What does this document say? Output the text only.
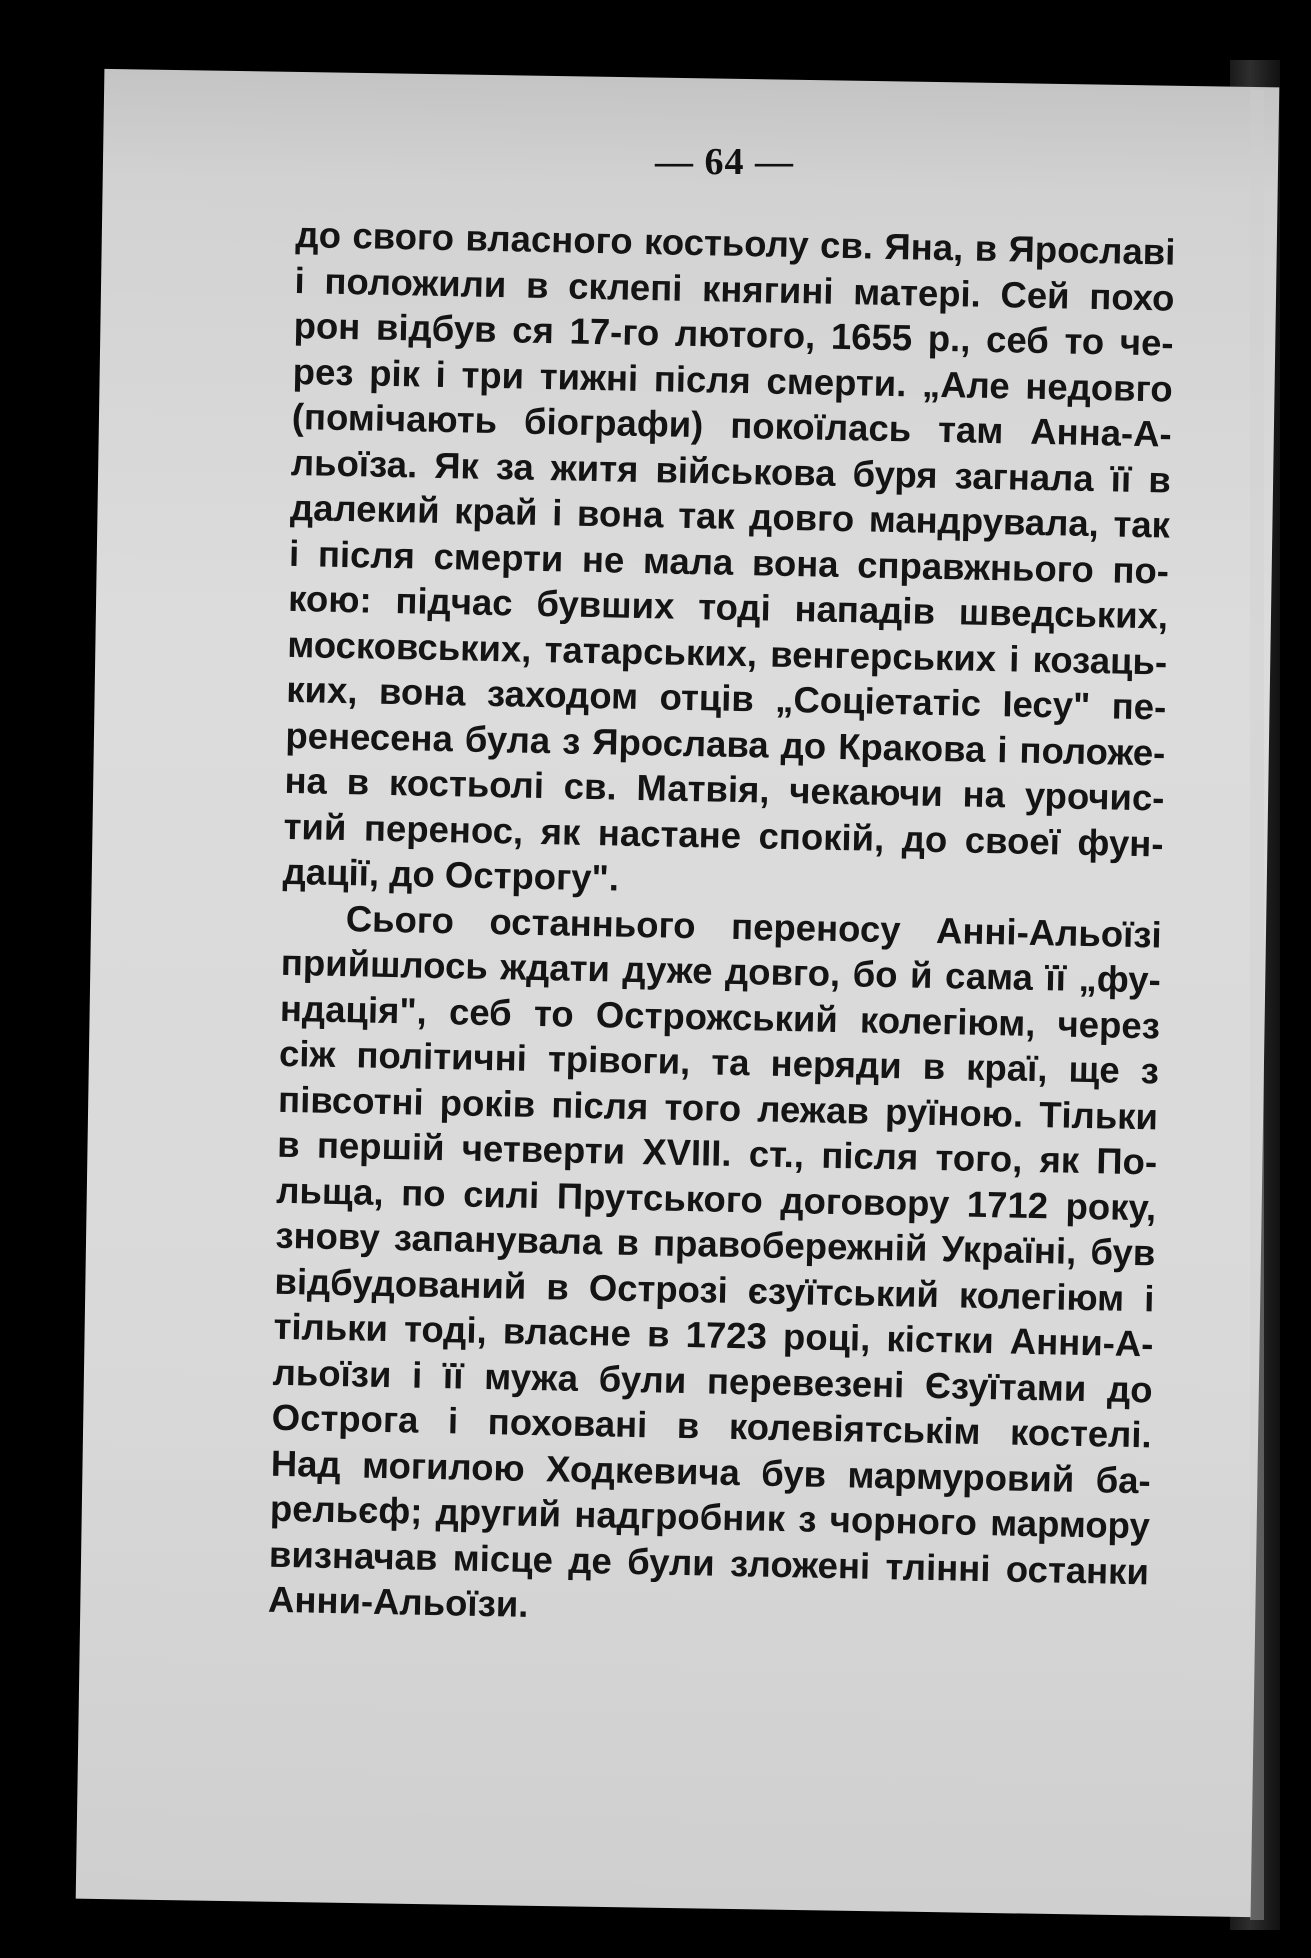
— 64 —
до свого власного костьолу св. Яна, в Ярославі
і положили в склепі княгині матері. Сей похо
рон відбув ся 17-го лютого, 1655 р., себ то че-
рез рік і три тижні після смерти. „Але недовго
(помічають біографи) покоїлась там Анна-А-
льоїза. Як за житя військова буря загнала її в
далекий край і вона так довго мандрувала, так
і після смерти не мала вона справжнього по-
кою: підчас бувших тоді нападів шведських,
московських, татарських, венгерських і козаць-
ких, вона заходом отців „Соціетатіс Іесу" пе-
ренесена була з Ярослава до Кракова і положе-
на в костьолі св. Матвія, чекаючи на урочис-
тий перенос, як настане спокій, до своеї фун-
дації, до Острогу".
Сього останнього переносу Анні-Альоїзі
прийшлось ждати дуже довго, бо й сама її „фу-
ндація", себ то Острожський колегіюм, через
сіж політичні трівоги, та неряди в краї, ще з
півсотні років після того лежав руїною. Тільки
в першій четверти XVIII. ст., після того, як По-
льща, по силі Прутського договору 1712 року,
знову запанувала в правобережній Україні, був
відбудований в Острозі єзуїтський колегіюм і
тільки тоді, власне в 1723 році, кістки Анни-А-
льоїзи і її мужа були перевезені Єзуїтами до
Острога і поховані в колевіятськім костелі.
Над могилою Ходкевича був мармуровий ба-
рельєф; другий надгробник з чорного мармору
визначав місце де були зложені тлінні останки
Анни-Альоїзи.
